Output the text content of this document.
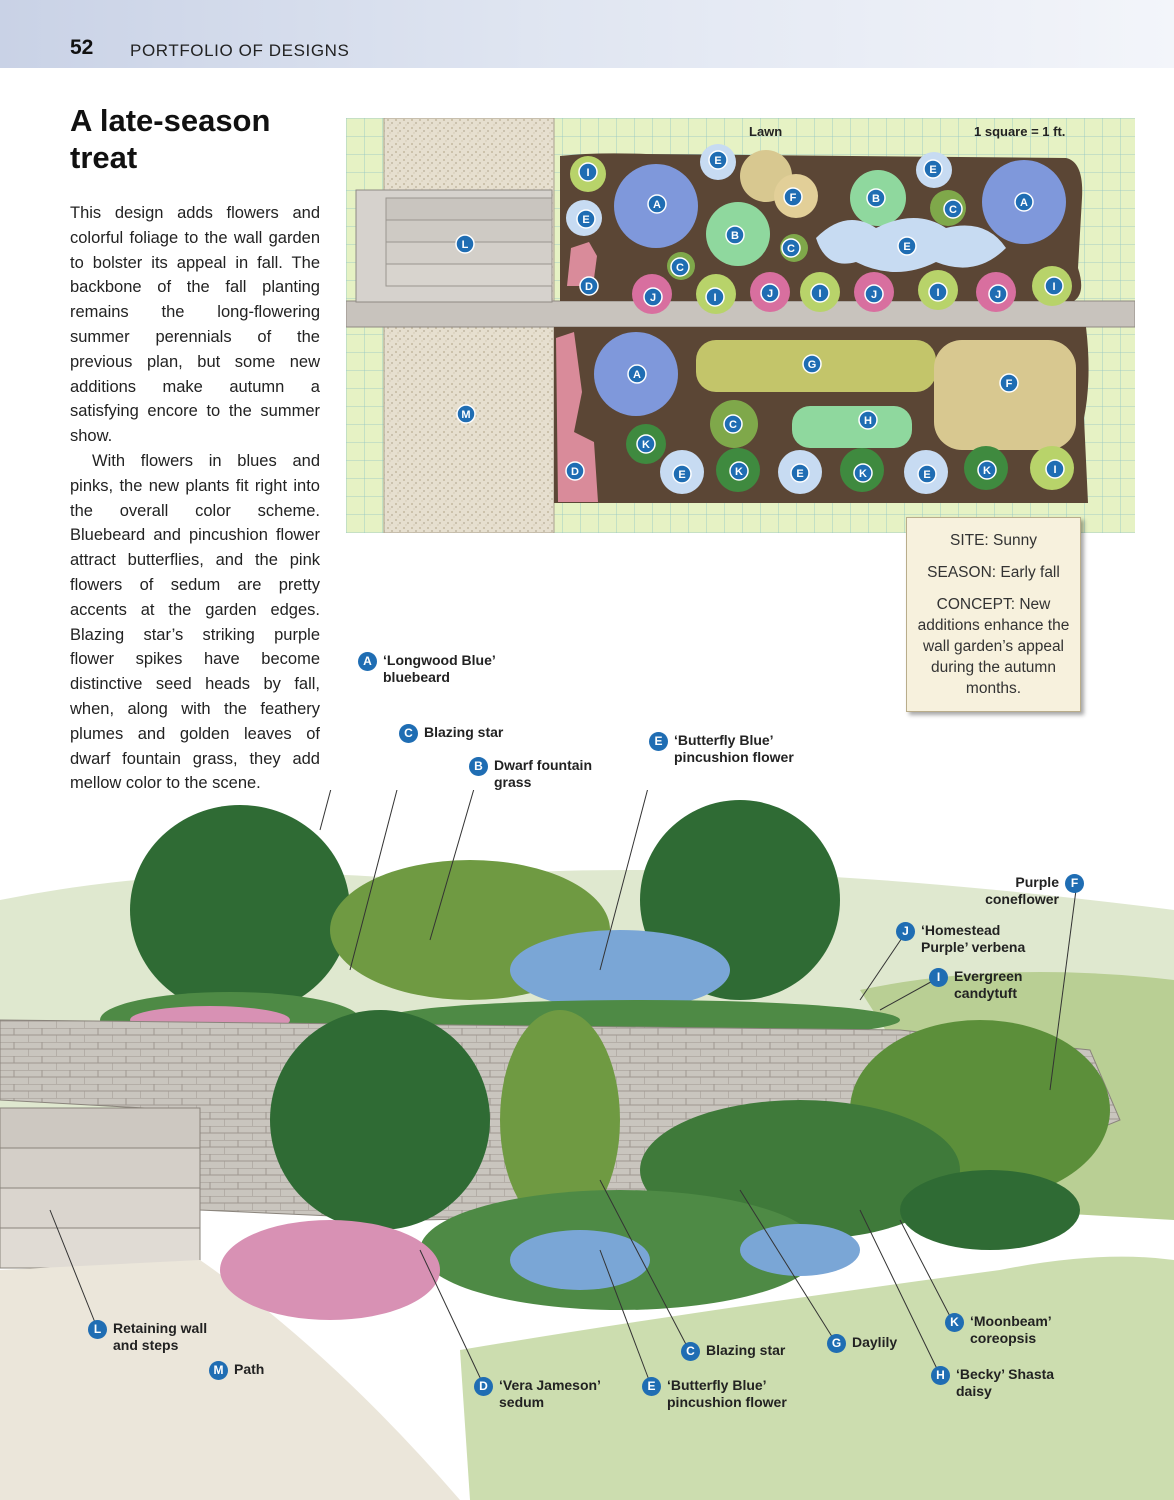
52 PORTFOLIO OF DESIGNS
A late-season treat

This design adds flowers and colorful foliage to the wall garden to bolster its appeal in fall. The backbone of the fall planting remains the long-flowering summer perennials of the previous plan, but some new additions make autumn a satisfying encore to the summer show.

With flowers in blues and pinks, the new plants fit right into the overall color scheme. Bluebeard and pincushion flower attract butterflies, and the pink flowers of sedum are pretty accents at the garden edges. Blazing star’s striking purple flower spikes have become distinctive seed heads by fall, when, along with the feathery plumes and golden leaves of dwarf fountain grass, they add mellow color to the scene.

I
E
E
A
F	B
C
A
E
B
C	E
C
D
J	I	J	I	J	I	J
I
L
G
A
F
M	H
C
K
D	E	K	E	K	E	K	I
Lawn	1 square = 1 ft.
SITE: Sunny
SEASON: Early fall
CONCEPT: New additions enhance the wall garden’s appeal during the autumn months.
A ‘Longwood Blue’ bluebeard
C Blazing star
B Dwarf fountain grass
E ‘Butterfly Blue’ pincushion flower
Purple coneflowerF
J ‘Homestead Purple’ verbena
I Evergreen candytuft
K ‘Moonbeam’ coreopsis
G Daylily
H ‘Becky’ Shasta daisy
C Blazing star
E ‘Butterfly Blue’ pincushion flower
D ‘Vera Jameson’ sedum
L Retaining wall and steps
M Path
